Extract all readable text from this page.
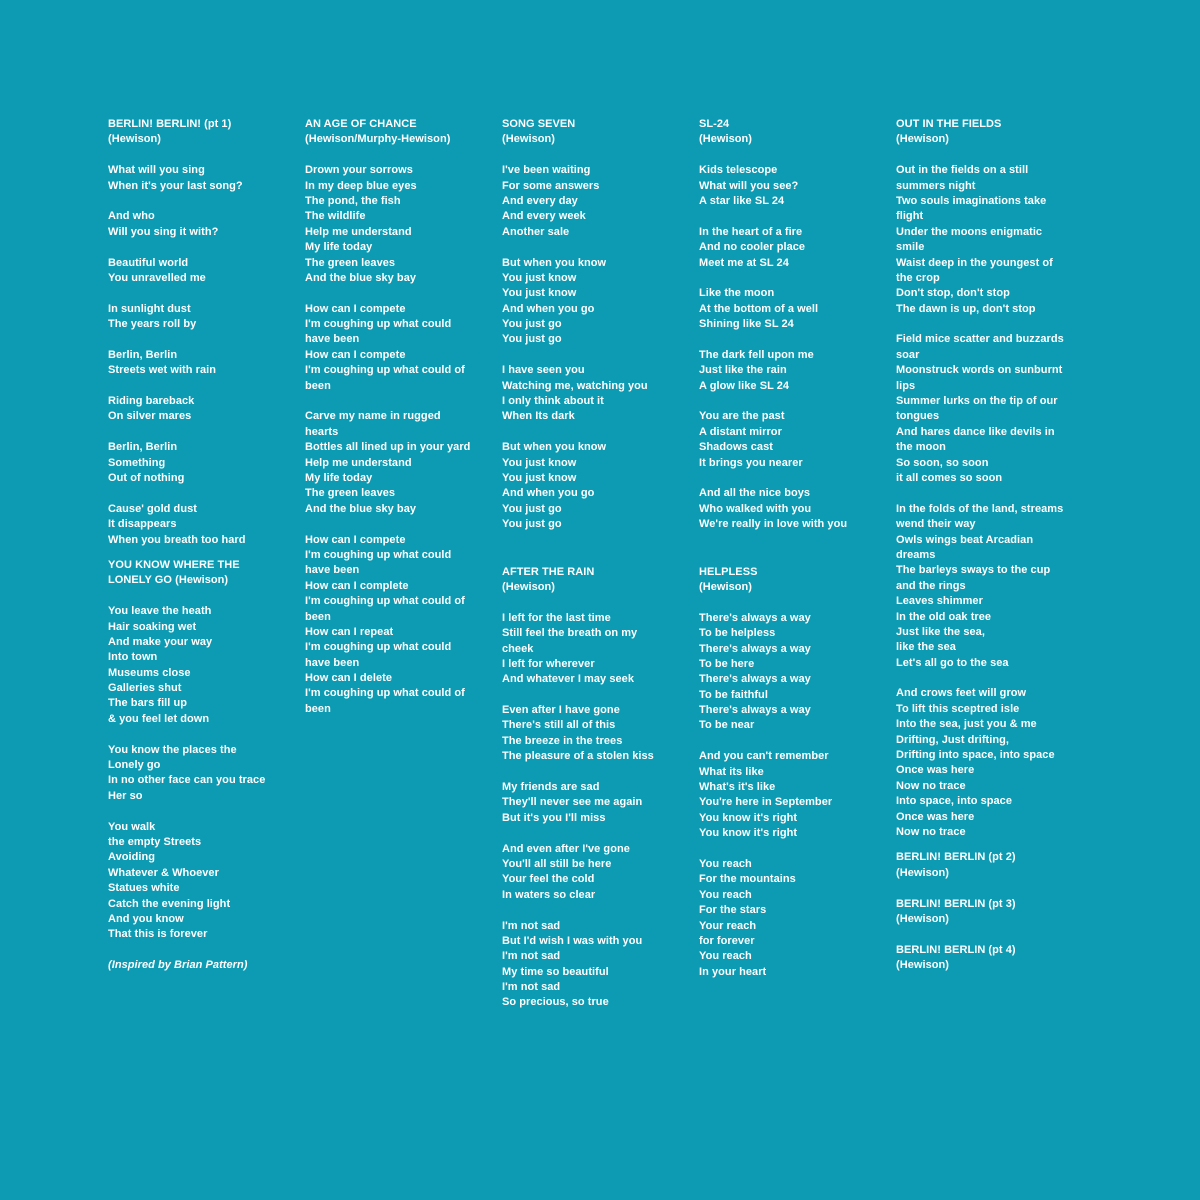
BERLIN! BERLIN! (pt 1)
(Hewison)
What will you sing
When it's your last song?
And who
Will you sing it with?
Beautiful world
You unravelled me
In sunlight dust
The years roll by
Berlin, Berlin
Streets wet with rain
Riding bareback
On silver mares
Berlin, Berlin
Something
Out of nothing
Cause' gold dust
It disappears
When you breath too hard
YOU KNOW WHERE THE
LONELY GO (Hewison)
You leave the heath
Hair soaking wet
And make your way
Into town
Museums close
Galleries shut
The bars fill up
& you feel let down
You know the places the
Lonely go
In no other face can you trace
Her so
You walk
the empty Streets
Avoiding
Whatever & Whoever
Statues white
Catch the evening light
And you know
That this is forever
(Inspired by Brian Pattern)
AN AGE OF CHANCE
(Hewison/Murphy-Hewison)
Drown your sorrows
In my deep blue eyes
The pond, the fish
The wildlife
Help me understand
My life today
The green leaves
And the blue sky bay
How can I compete
I'm coughing up what could
have been
How can I compete
I'm coughing up what could of
been
Carve my name in rugged
hearts
Bottles all lined up in your yard
Help me understand
My life today
The green leaves
And the blue sky bay
How can I compete
I'm coughing up what could
have been
How can I complete
I'm coughing up what could of
been
How can I repeat
I'm coughing up what could
have been
How can I delete
I'm coughing up what could of
been
SONG SEVEN
(Hewison)
I've been waiting
For some answers
And every day
And every week
Another sale
But when you know
You just know
You just know
And when you go
You just go
You just go
I have seen you
Watching me, watching you
I only think about it
When Its dark
But when you know
You just know
You just know
And when you go
You just go
You just go
AFTER THE RAIN
(Hewison)
I left for the last time
Still feel the breath on my
cheek
I left for wherever
And whatever I may seek
Even after I have gone
There's still all of this
The breeze in the trees
The pleasure of a stolen kiss
My friends are sad
They'll never see me again
But it's you I'll miss
And even after I've gone
You'll all still be here
Your feel the cold
In waters so clear
I'm not sad
But I'd wish I was with you
I'm not sad
My time so beautiful
I'm not sad
So precious, so true
SL-24
(Hewison)
Kids telescope
What will you see?
A star like SL 24
In the heart of a fire
And no cooler place
Meet me at SL 24
Like the moon
At the bottom of a well
Shining like SL 24
The dark fell upon me
Just like the rain
A glow like SL 24
You are the past
A distant mirror
Shadows cast
It brings you nearer
And all the nice boys
Who walked with you
We're really in love with you
HELPLESS
(Hewison)
There's always a way
To be helpless
There's always a way
To be here
There's always a way
To be faithful
There's always a way
To be near
And you can't remember
What its like
What's it's like
You're here in September
You know it's right
You know it's right
You reach
For the mountains
You reach
For the stars
Your reach
for forever
You reach
In your heart
OUT IN THE FIELDS
(Hewison)
Out in the fields on a still
summers night
Two souls imaginations take
flight
Under the moons enigmatic
smile
Waist deep in the youngest of
the crop
Don't stop, don't stop
The dawn is up, don't stop
Field mice scatter and buzzards
soar
Moonstruck words on sunburnt
lips
Summer lurks on the tip of our
tongues
And hares dance like devils in
the moon
So soon, so soon
it all comes so soon
In the folds of the land, streams
wend their way
Owls wings beat Arcadian
dreams
The barleys sways to the cup
and the rings
Leaves shimmer
In the old oak tree
Just like the sea,
like the sea
Let's all go to the sea
And crows feet will grow
To lift this sceptred isle
Into the sea, just you & me
Drifting, Just drifting,
Drifting into space, into space
Once was here
Now no trace
Into space, into space
Once was here
Now no trace
BERLIN! BERLIN (pt 2)
(Hewison)
BERLIN! BERLIN (pt 3)
(Hewison)
BERLIN! BERLIN (pt 4)
(Hewison)
